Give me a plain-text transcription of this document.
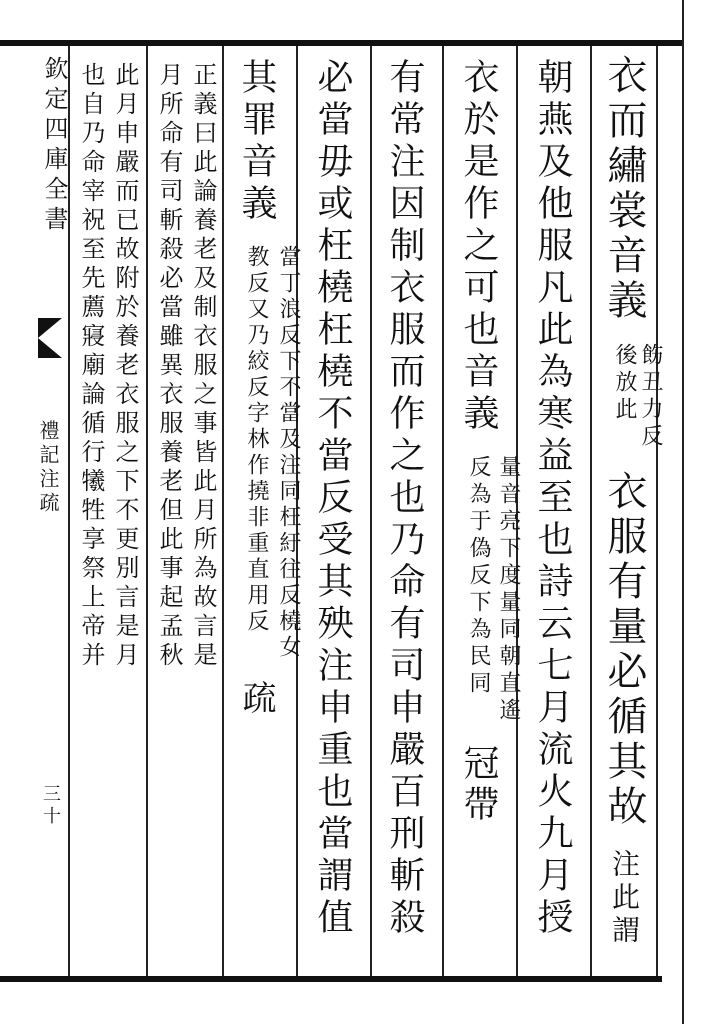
衣而繡裳音義
飭丑力反
後放此
衣服有量必循其故 注此謂
朝燕及他服凡此為寒益至也詩云七月流火九月授
衣於是作之可也音義
量音亮下度量同朝直遙
反為于偽反下為民同
冠帶
有常注因制衣服而作之也乃命有司申嚴百刑斬殺
必當毋或枉橈枉橈不當反受其殃注申重也當謂值
其罪音義
當丁浪反下不當及注同枉紆往反橈女
教反又乃絞反字林作撓非重直用反
疏
正義曰此論養老及制衣服之事皆此月所為故言是
月所命有司斬殺必當雖異衣服養老但此事起孟秋
此月申嚴而已故附於養老衣服之下不更別言是月
也自乃命宰祝至先薦寢廟論循行犧牲享祭上帝并
欽定四庫全書
禮記注疏
三十
